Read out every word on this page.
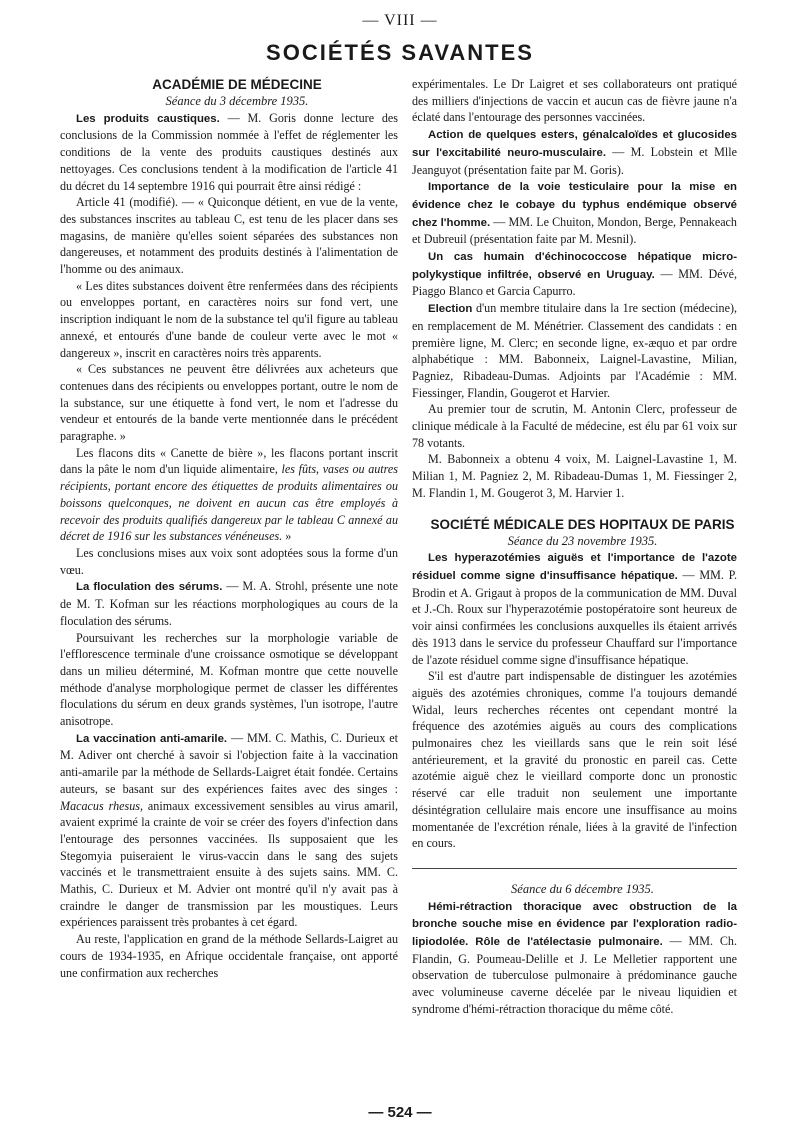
— VIII —
SOCIÉTÉS SAVANTES

ACADÉMIE DE MÉDECINE

Séance du 3 décembre 1935.

Les produits caustiques. — M. Goris donne lecture des conclusions de la Commission nommée à l'effet de réglementer les conditions de la vente des produits caustiques destinés aux nettoyages. Ces conclusions tendent à la modification de l'article 41 du décret du 14 septembre 1916 qui pourrait être ainsi rédigé :

Article 41 (modifié). — « Quiconque détient, en vue de la vente, des substances inscrites au tableau C, est tenu de les placer dans ses magasins, de manière qu'elles soient séparées des substances non dangereuses, et notamment des produits destinés à l'alimentation de l'homme ou des animaux.

« Les dites substances doivent être renfermées dans des récipients ou enveloppes portant, en caractères noirs sur fond vert, une inscription indiquant le nom de la substance tel qu'il figure au tableau annexé, et entourés d'une bande de couleur verte avec le mot « dangereux », inscrit en caractères noirs très apparents.

« Ces substances ne peuvent être délivrées aux acheteurs que contenues dans des récipients ou enveloppes portant, outre le nom de la substance, sur une étiquette à fond vert, le nom et l'adresse du vendeur et entourés de la bande verte mentionnée dans le précédent paragraphe. »

Les flacons dits « Canette de bière », les flacons portant inscrit dans la pâte le nom d'un liquide alimentaire, les fûts, vases ou autres récipients, portant encore des étiquettes de produits alimentaires ou boissons quelconques, ne doivent en aucun cas être employés à recevoir des produits qualifiés dangereux par le tableau C annexé au décret de 1916 sur les substances vénéneuses. »

Les conclusions mises aux voix sont adoptées sous la forme d'un vœu.

La floculation des sérums. — M. A. Strohl, présente une note de M. T. Kofman sur les réactions morphologiques au cours de la floculation des sérums.

Poursuivant les recherches sur la morphologie variable de l'efflorescence terminale d'une croissance osmotique se développant dans un milieu déterminé, M. Kofman montre que cette nouvelle méthode d'analyse morphologique permet de classer les différentes floculations du sérum en deux grands systèmes, l'un isotrope, l'autre anisotrope.

La vaccination anti-amarile. — MM. C. Mathis, C. Durieux et M. Adiver ont cherché à savoir si l'objection faite à la vaccination anti-amarile par la méthode de Sellards-Laigret était fondée. Certains auteurs, se basant sur des expériences faites avec des singes : Macacus rhesus, animaux excessivement sensibles au virus amaril, avaient exprimé la crainte de voir se créer des foyers d'infection dans l'entourage des personnes vaccinées. Ils supposaient que les Stegomyia puiseraient le virus-vaccin dans le sang des sujets vaccinés et le transmettraient ensuite à des sujets sains. MM. C. Mathis, C. Durieux et M. Advier ont montré qu'il n'y avait pas à craindre le danger de transmission par les moustiques. Leurs expériences paraissent très probantes à cet égard.

Au reste, l'application en grand de la méthode Sellards-Laigret au cours de 1934-1935, en Afrique occidentale française, ont apporté une confirmation aux recherches

expérimentales. Le Dr Laigret et ses collaborateurs ont pratiqué des milliers d'injections de vaccin et aucun cas de fièvre jaune n'a éclaté dans l'entourage des personnes vaccinées.

Action de quelques esters, génalcaloïdes et glucosides sur l'excitabilité neuro-musculaire. — M. Lobstein et Mlle Jeanguyot (présentation faite par M. Goris).

Importance de la voie testiculaire pour la mise en évidence chez le cobaye du typhus endémique observé chez l'homme. — MM. Le Chuiton, Mondon, Berge, Pennakeach et Dubreuil (présentation faite par M. Mesnil).

Un cas humain d'échinococcose hépatique micro-polykystique infiltrée, observé en Uruguay. — MM. Dévé, Piaggo Blanco et Garcia Capurro.

Election d'un membre titulaire dans la 1re section (médecine), en remplacement de M. Ménétrier. Classement des candidats : en première ligne, M. Clerc; en seconde ligne, ex-æquo et par ordre alphabétique : MM. Babonneix, Laignel-Lavastine, Milian, Pagniez, Ribadeau-Dumas. Adjoints par l'Académie : MM. Fiessinger, Flandin, Gougerot et Harvier.

Au premier tour de scrutin, M. Antonin Clerc, professeur de clinique médicale à la Faculté de médecine, est élu par 61 voix sur 78 votants.

M. Babonneix a obtenu 4 voix, M. Laignel-Lavastine 1, M. Milian 1, M. Pagniez 2, M. Ribadeau-Dumas 1, M. Fiessinger 2, M. Flandin 1, M. Gougerot 3, M. Harvier 1.

SOCIÉTÉ MÉDICALE DES HOPITAUX DE PARIS

Séance du 23 novembre 1935.

Les hyperazotémies aiguës et l'importance de l'azote résiduel comme signe d'insuffisance hépatique. — MM. P. Brodin et A. Grigaut à propos de la communication de MM. Duval et J.-Ch. Roux sur l'hyperazotémie postopératoire sont heureux de voir ainsi confirmées les conclusions auxquelles ils étaient arrivés dès 1913 dans le service du professeur Chauffard sur l'importance de l'azote résiduel comme signe d'insuffisance hépatique.

S'il est d'autre part indispensable de distinguer les azotémies aiguës des azotémies chroniques, comme l'a toujours demandé Widal, leurs recherches récentes ont cependant montré la fréquence des azotémies aiguës au cours des complications pulmonaires chez les vieillards sans que le rein soit lésé antérieurement, et la gravité du pronostic en pareil cas. Cette azotémie aiguë chez le vieillard comporte donc un pronostic réservé car elle traduit non seulement une importante désintégration cellulaire mais encore une insuffisance au moins momentanée de l'excrétion rénale, liées à la gravité de l'infection en cours.

Séance du 6 décembre 1935.

Hémi-rétraction thoracique avec obstruction de la bronche souche mise en évidence par l'exploration radio-lipiodolée. Rôle de l'atélectasie pulmonaire. — MM. Ch. Flandin, G. Poumeau-Delille et J. Le Melletier rapportent une observation de tuberculose pulmonaire à prédominance gauche avec volumineuse caverne décelée par le niveau liquidien et syndrome d'hémi-rétraction thoracique du même côté.

— 524 —
